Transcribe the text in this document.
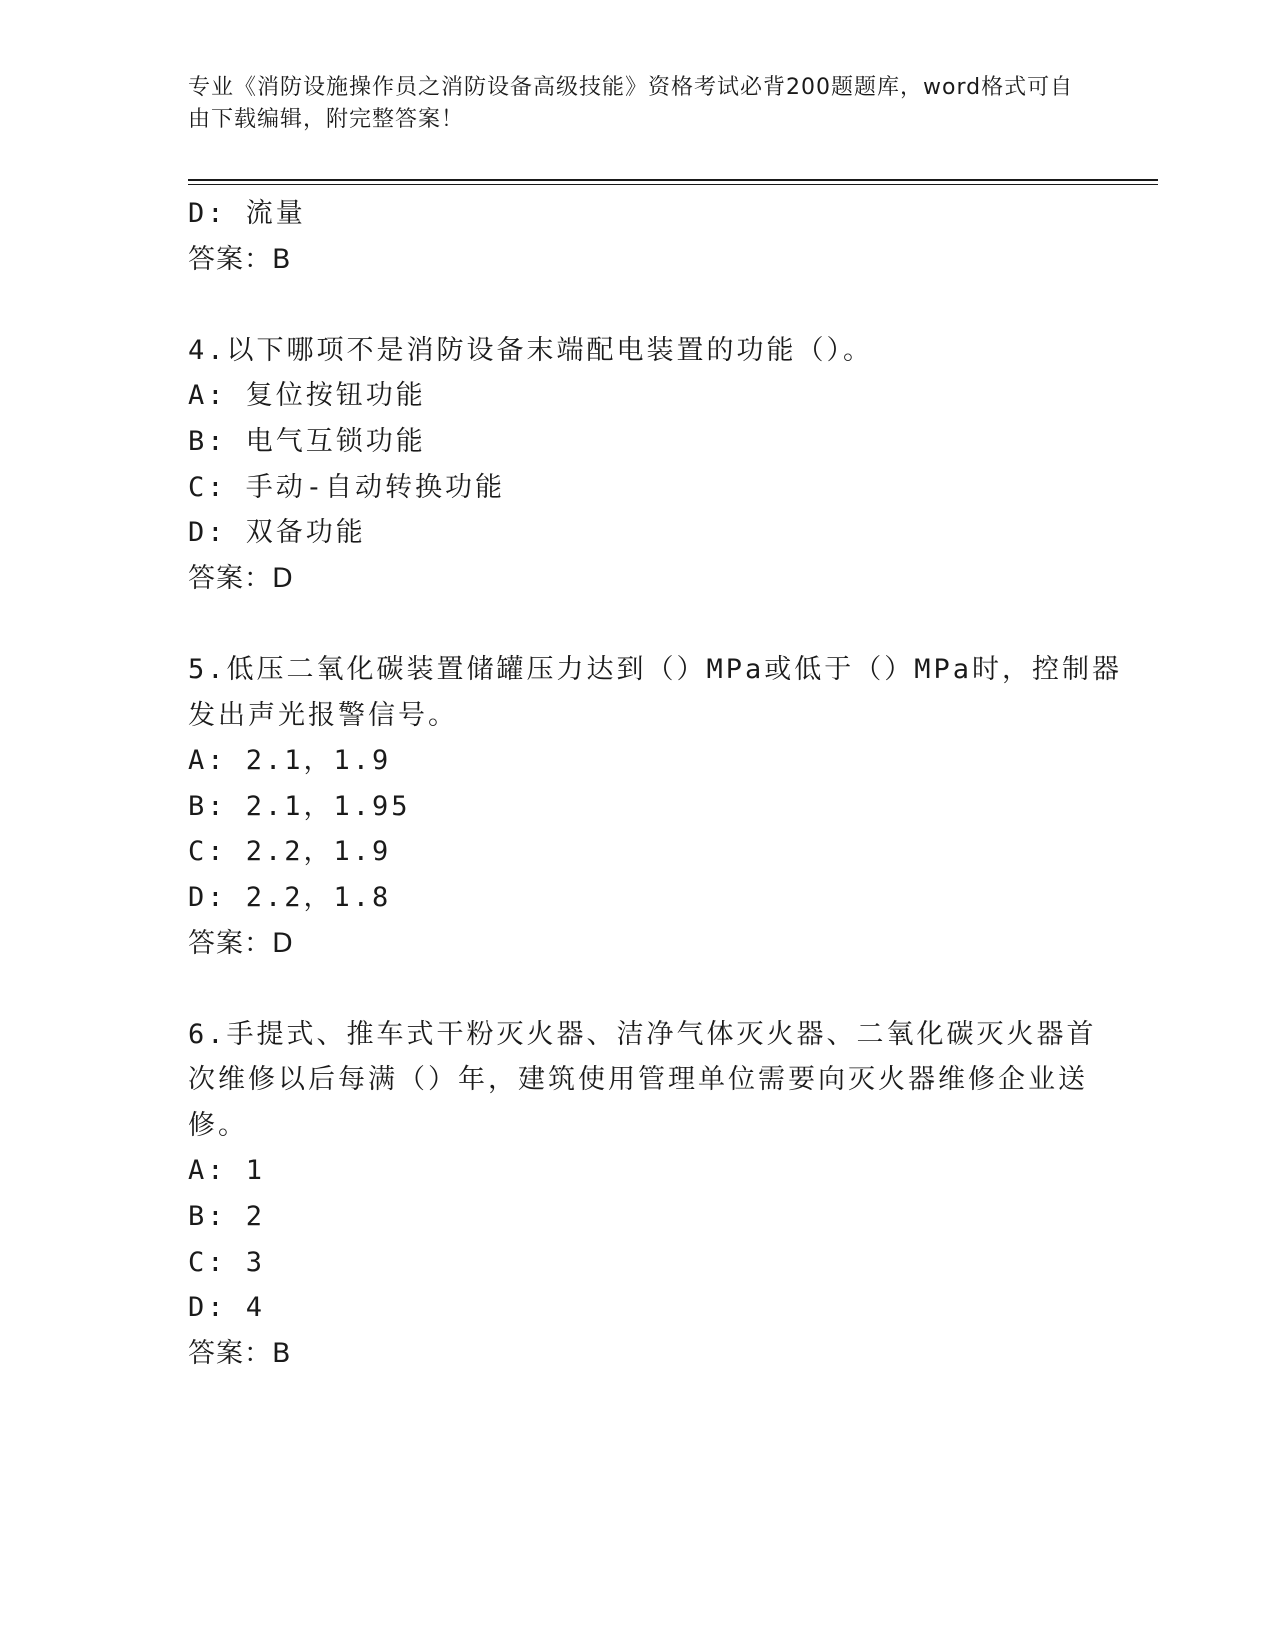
专业《消防设施操作员之消防设备高级技能》资格考试必背200题题库，word格式可自由下载编辑，附完整答案！
D: 流量
答案：B
4.以下哪项不是消防设备末端配电装置的功能（）。
A: 复位按钮功能
B: 电气互锁功能
C: 手动-自动转换功能
D: 双备功能
答案：D
5.低压二氧化碳装置储罐压力达到（）MPa或低于（）MPa时，控制器
发出声光报警信号。
A: 2.1，1.9
B: 2.1，1.95
C: 2.2，1.9
D: 2.2，1.8
答案：D
6.手提式、推车式干粉灭火器、洁净气体灭火器、二氧化碳灭火器首
次维修以后每满（）年，建筑使用管理单位需要向灭火器维修企业送
修。
A: 1
B: 2
C: 3
D: 4
答案：B
